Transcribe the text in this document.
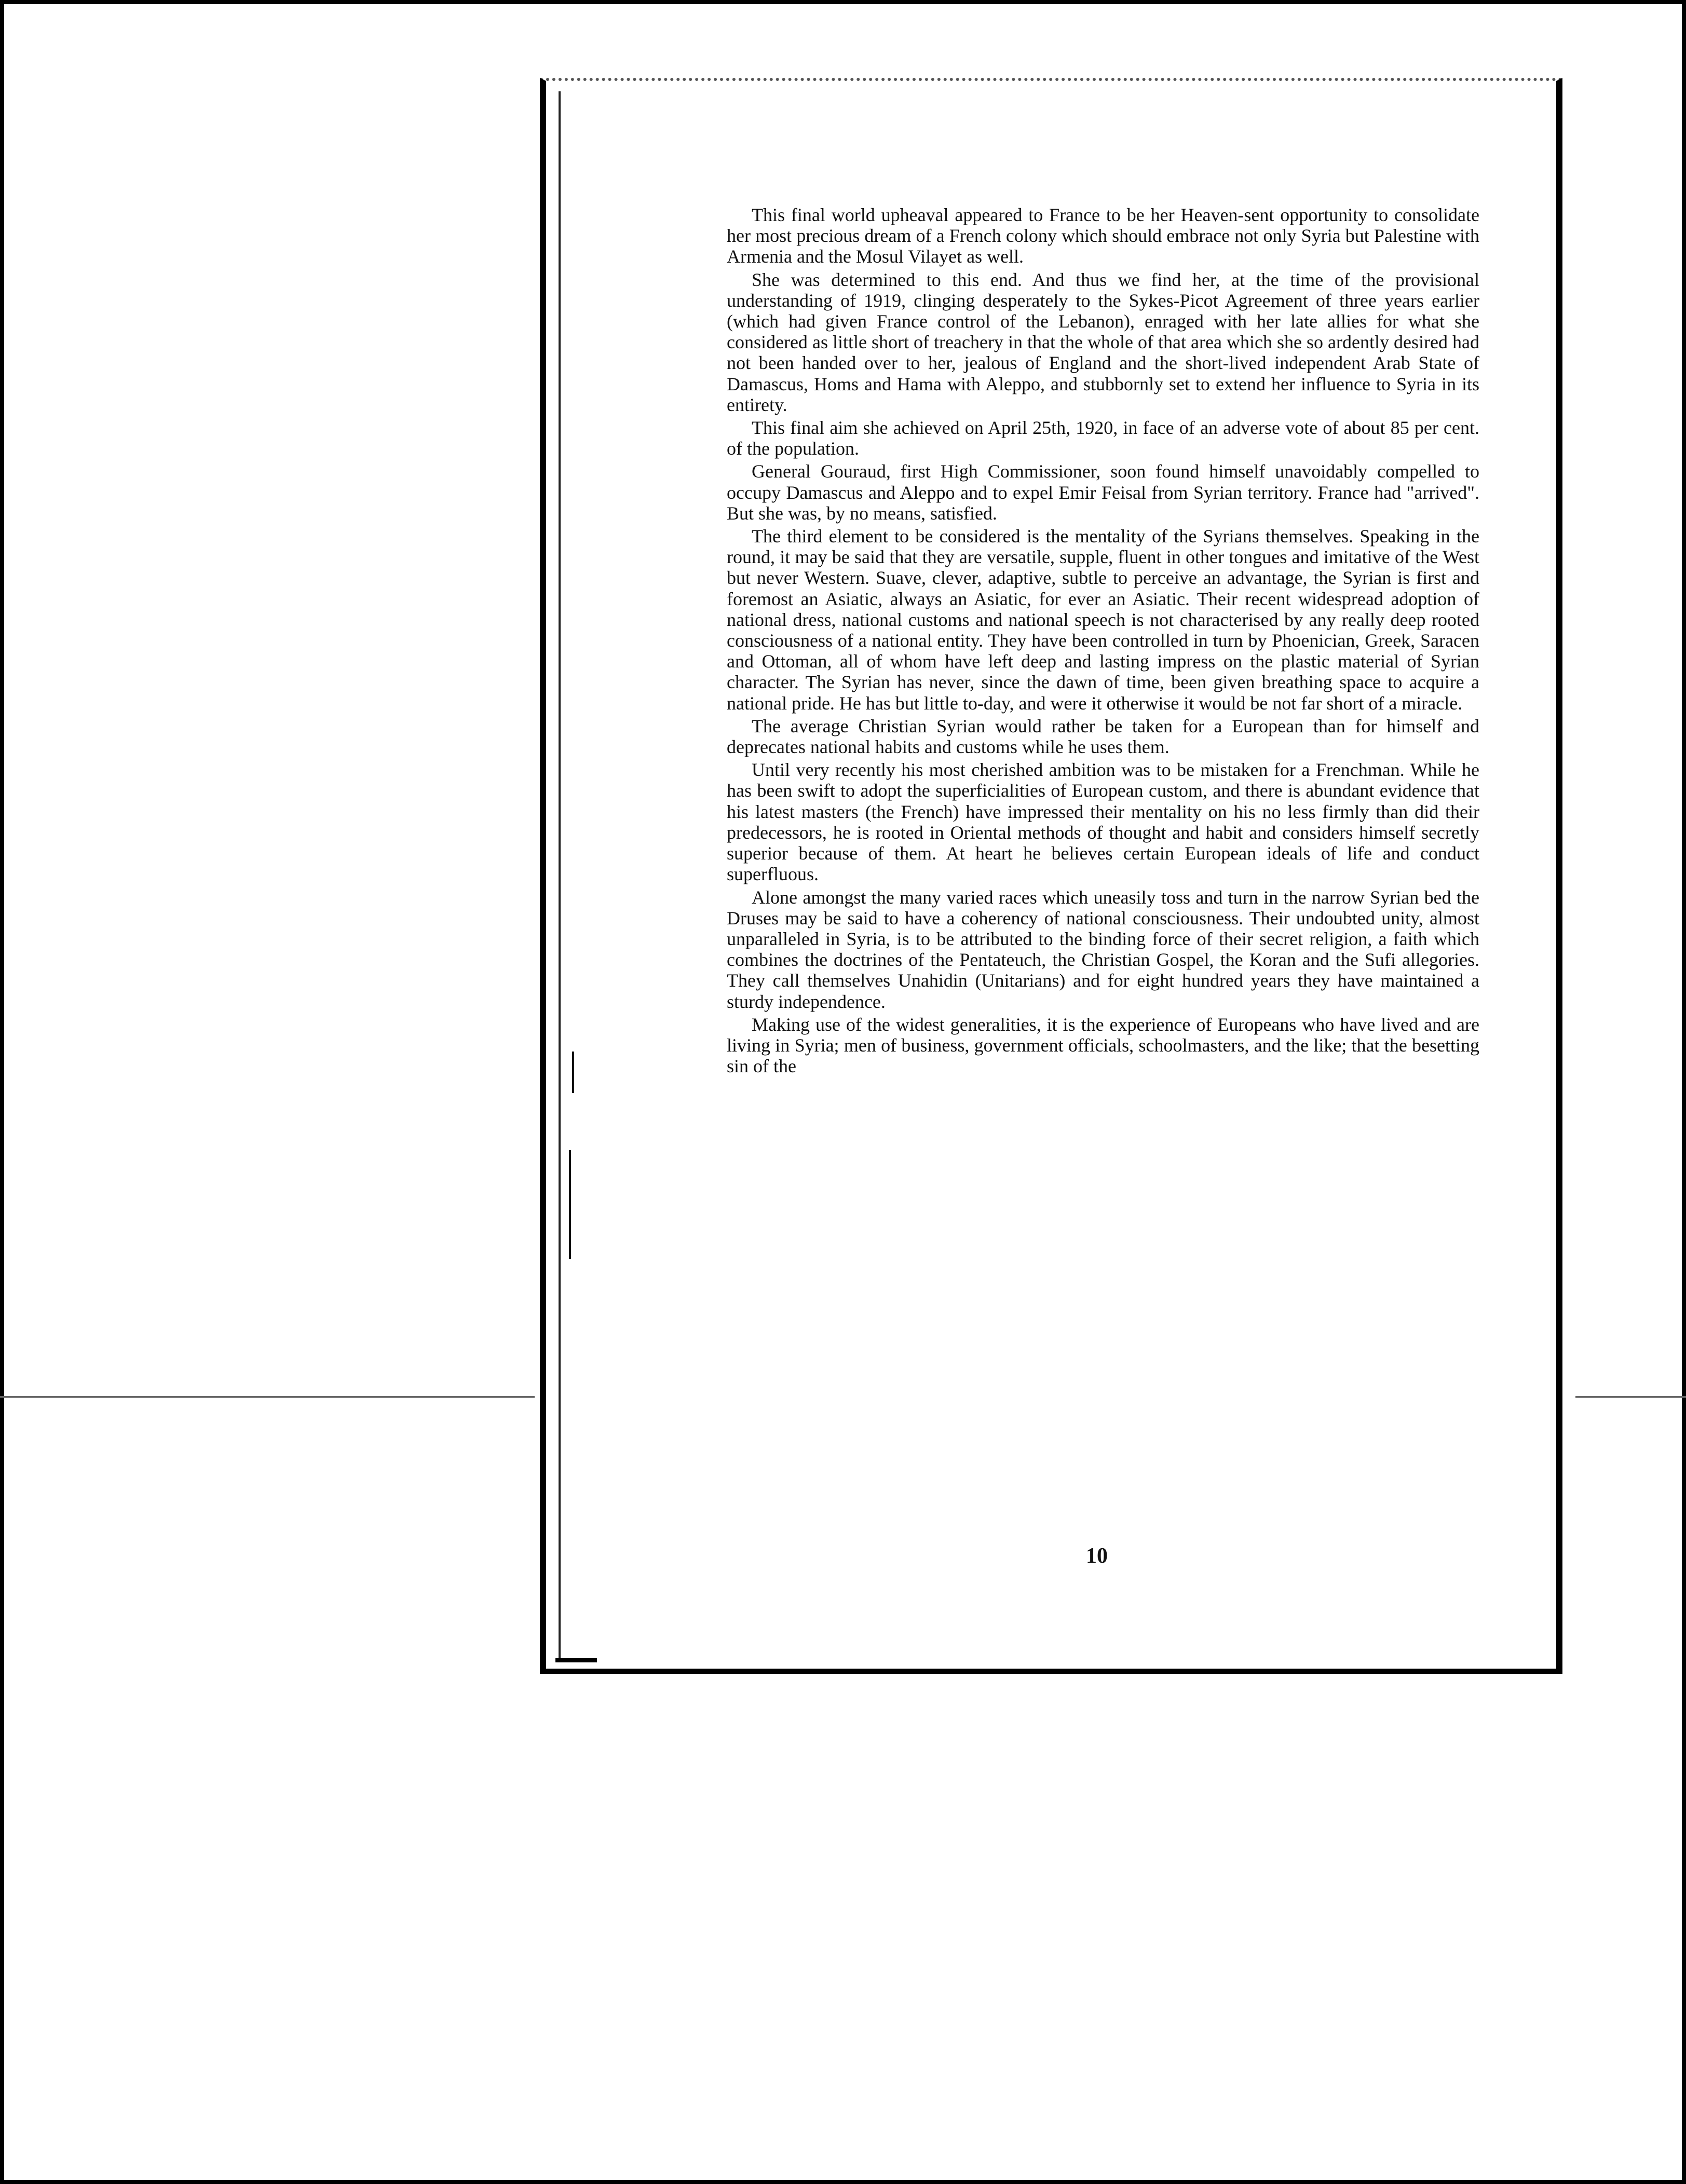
This final world upheaval appeared to France to be her Heaven-sent opportunity to consolidate her most precious dream of a French colony which should embrace not only Syria but Palestine with Armenia and the Mosul Vilayet as well.

She was determined to this end. And thus we find her, at the time of the provisional understanding of 1919, clinging desperately to the Sykes-Picot Agreement of three years earlier (which had given France control of the Lebanon), enraged with her late allies for what she considered as little short of treachery in that the whole of that area which she so ardently desired had not been handed over to her, jealous of England and the short-lived independent Arab State of Damascus, Homs and Hama with Aleppo, and stubbornly set to extend her influence to Syria in its entirety.

This final aim she achieved on April 25th, 1920, in face of an adverse vote of about 85 per cent. of the population.

General Gouraud, first High Commissioner, soon found himself unavoidably compelled to occupy Damascus and Aleppo and to expel Emir Feisal from Syrian territory. France had "arrived". But she was, by no means, satisfied.

The third element to be considered is the mentality of the Syrians themselves. Speaking in the round, it may be said that they are versatile, supple, fluent in other tongues and imitative of the West but never Western. Suave, clever, adaptive, subtle to perceive an advantage, the Syrian is first and foremost an Asiatic, always an Asiatic, for ever an Asiatic. Their recent widespread adoption of national dress, national customs and national speech is not characterised by any really deep rooted consciousness of a national entity. They have been controlled in turn by Phoenician, Greek, Saracen and Ottoman, all of whom have left deep and lasting impress on the plastic material of Syrian character. The Syrian has never, since the dawn of time, been given breathing space to acquire a national pride. He has but little to-day, and were it otherwise it would be not far short of a miracle.

The average Christian Syrian would rather be taken for a European than for himself and deprecates national habits and customs while he uses them.

Until very recently his most cherished ambition was to be mistaken for a Frenchman. While he has been swift to adopt the superficialities of European custom, and there is abundant evidence that his latest masters (the French) have impressed their mentality on his no less firmly than did their predecessors, he is rooted in Oriental methods of thought and habit and considers himself secretly superior because of them. At heart he believes certain European ideals of life and conduct superfluous.

Alone amongst the many varied races which uneasily toss and turn in the narrow Syrian bed the Druses may be said to have a coherency of national consciousness. Their undoubted unity, almost unparalleled in Syria, is to be attributed to the binding force of their secret religion, a faith which combines the doctrines of the Pentateuch, the Christian Gospel, the Koran and the Sufi allegories. They call themselves Unahidin (Unitarians) and for eight hundred years they have maintained a sturdy independence.

Making use of the widest generalities, it is the experience of Europeans who have lived and are living in Syria; men of business, government officials, schoolmasters, and the like; that the besetting sin of the

10
